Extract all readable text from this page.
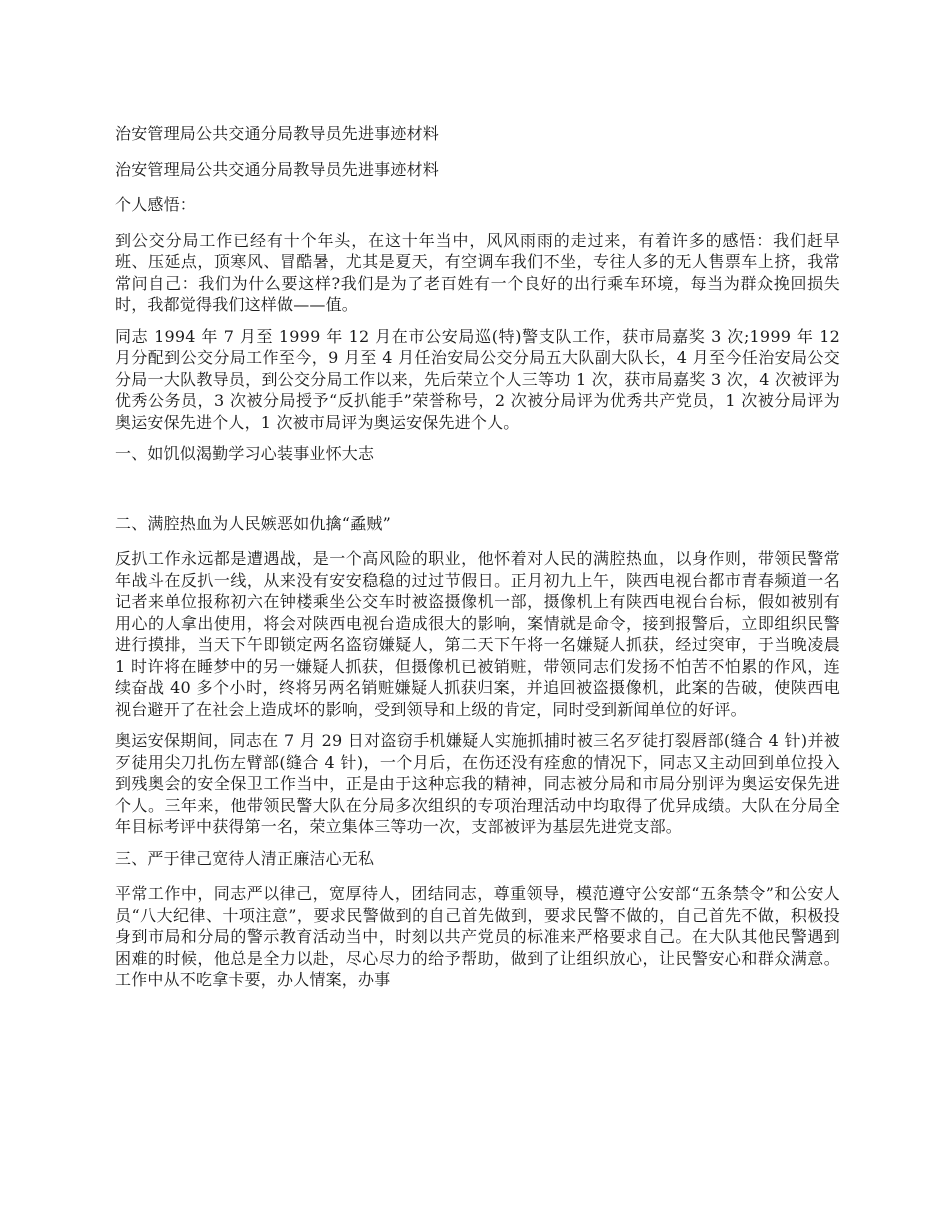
治安管理局公共交通分局教导员先进事迹材料

治安管理局公共交通分局教导员先进事迹材料

个人感悟：

到公交分局工作已经有十个年头，在这十年当中，风风雨雨的走过来，有着许多的感悟：我们赶早班、压延点，顶寒风、冒酷暑，尤其是夏天，有空调车我们不坐，专往人多的无人售票车上挤，我常常问自己：我们为什么要这样?我们是为了老百姓有一个良好的出行乘车环境，每当为群众挽回损失时，我都觉得我们这样做——值。

同志 1994 年 7 月至 1999 年 12 月在市公安局巡(特)警支队工作，获市局嘉奖 3 次;1999 年 12 月分配到公交分局工作至今，9 月至 4 月任治安局公交分局五大队副大队长，4 月至今任治安局公交分局一大队教导员，到公交分局工作以来，先后荣立个人三等功 1 次，获市局嘉奖 3 次，4 次被评为优秀公务员，3 次被分局授予“反扒能手”荣誉称号，2 次被分局评为优秀共产党员，1 次被分局评为奥运安保先进个人，1 次被市局评为奥运安保先进个人。

一、如饥似渴勤学习心装事业怀大志

二、满腔热血为人民嫉恶如仇擒“蟊贼”

反扒工作永远都是遭遇战，是一个高风险的职业，他怀着对人民的满腔热血，以身作则，带领民警常年战斗在反扒一线，从来没有安安稳稳的过过节假日。正月初九上午，陕西电视台都市青春频道一名记者来单位报称初六在钟楼乘坐公交车时被盗摄像机一部，摄像机上有陕西电视台台标，假如被别有用心的人拿出使用，将会对陕西电视台造成很大的影响，案情就是命令，接到报警后，立即组织民警进行摸排，当天下午即锁定两名盗窃嫌疑人，第二天下午将一名嫌疑人抓获，经过突审，于当晚凌晨 1 时许将在睡梦中的另一嫌疑人抓获，但摄像机已被销赃，带领同志们发扬不怕苦不怕累的作风，连续奋战 40 多个小时，终将另两名销赃嫌疑人抓获归案，并追回被盗摄像机，此案的告破，使陕西电视台避开了在社会上造成坏的影响，受到领导和上级的肯定，同时受到新闻单位的好评。

奥运安保期间，同志在 7 月 29 日对盗窃手机嫌疑人实施抓捕时被三名歹徒打裂唇部(缝合 4 针)并被歹徒用尖刀扎伤左臂部(缝合 4 针)，一个月后，在伤还没有痊愈的情况下，同志又主动回到单位投入到残奥会的安全保卫工作当中，正是由于这种忘我的精神，同志被分局和市局分别评为奥运安保先进个人。三年来，他带领民警大队在分局多次组织的专项治理活动中均取得了优异成绩。大队在分局全年目标考评中获得第一名，荣立集体三等功一次，支部被评为基层先进党支部。

三、严于律己宽待人清正廉洁心无私

平常工作中，同志严以律己，宽厚待人，团结同志，尊重领导，模范遵守公安部“五条禁令”和公安人员“八大纪律、十项注意”，要求民警做到的自己首先做到，要求民警不做的，自己首先不做，积极投身到市局和分局的警示教育活动当中，时刻以共产党员的标准来严格要求自己。在大队其他民警遇到困难的时候，他总是全力以赴，尽心尽力的给予帮助，做到了让组织放心，让民警安心和群众满意。工作中从不吃拿卡要，办人情案，办事
